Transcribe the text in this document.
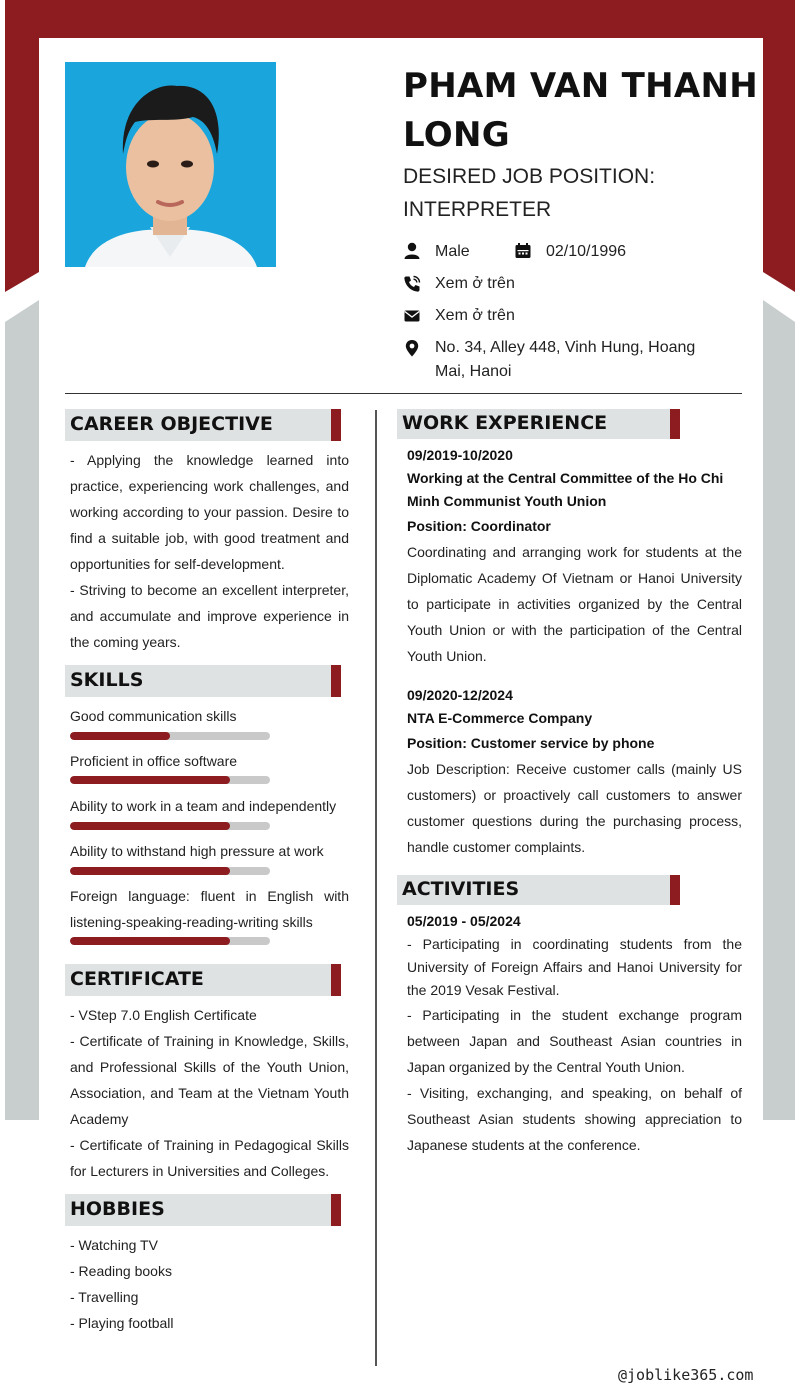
PHAM VAN THANH LONG
DESIRED JOB POSITION: INTERPRETER
Male	02/10/1996
Xem ở trên
Xem ở trên
No. 34, Alley 448, Vinh Hung, Hoang Mai, Hanoi
CAREER OBJECTIVE

- Applying the knowledge learned into practice, experiencing work challenges, and working according to your passion. Desire to find a suitable job, with good treatment and opportunities for self-development.

- Striving to become an excellent interpreter, and accumulate and improve experience in the coming years.

SKILLS
Good communication skills
Proficient in office software
Ability to work in a team and independently
Ability to withstand high pressure at work
Foreign language: fluent in English with listening-speaking-reading-writing skills
CERTIFICATE

- VStep 7.0 English Certificate

- Certificate of Training in Knowledge, Skills, and Professional Skills of the Youth Union, Association, and Team at the Vietnam Youth Academy

- Certificate of Training in Pedagogical Skills for Lecturers in Universities and Colleges.

HOBBIES

- Watching TV

- Reading books

- Travelling

- Playing football

WORK EXPERIENCE
09/2019-10/2020
Working at the Central Committee of the Ho Chi Minh Communist Youth Union
Position: Coordinator
Coordinating and arranging work for students at the Diplomatic Academy Of Vietnam or Hanoi University to participate in activities organized by the Central Youth Union or with the participation of the Central Youth Union.
09/2020-12/2024
NTA E-Commerce Company
Position: Customer service by phone
Job Description: Receive customer calls (mainly US customers) or proactively call customers to answer customer questions during the purchasing process, handle customer complaints.
ACTIVITIES
05/2019 - 05/2024
- Participating in coordinating students from the University of Foreign Affairs and Hanoi University for the 2019 Vesak Festival.
- Participating in the student exchange program between Japan and Southeast Asian countries in Japan organized by the Central Youth Union.
- Visiting, exchanging, and speaking, on behalf of Southeast Asian students showing appreciation to Japanese students at the conference.
@joblike365.com
